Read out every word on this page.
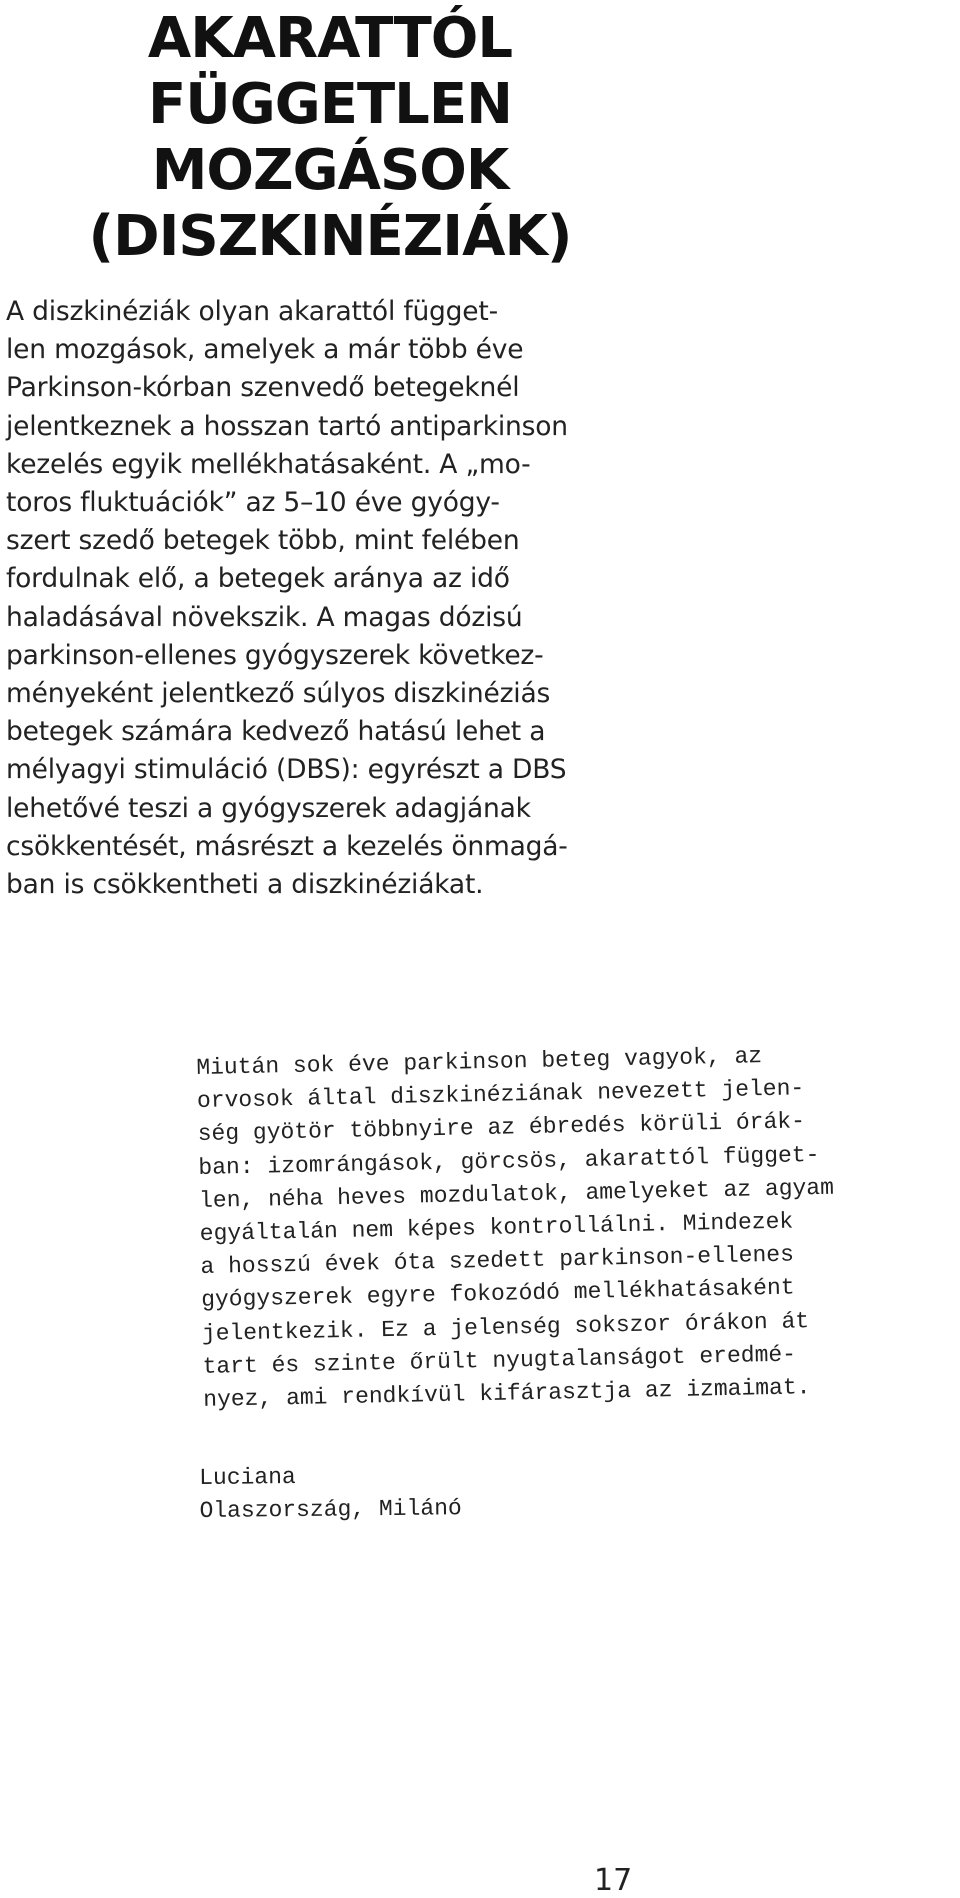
AKARATTÓL
FÜGGETLEN
MOZGÁSOK
(DISZKINÉZIÁK)
A diszkinéziák olyan akarattól függet-
len mozgások, amelyek a már több éve
Parkinson-kórban szenvedő betegeknél
jelentkeznek a hosszan tartó antiparkinson
kezelés egyik mellékhatásaként. A „mo-
toros fluktuációk” az 5–10 éve gyógy-
szert szedő betegek több, mint felében
fordulnak elő, a betegek aránya az idő
haladásával növekszik. A magas dózisú
parkinson-ellenes gyógyszerek következ-
ményeként jelentkező súlyos diszkinéziás
betegek számára kedvező hatású lehet a
mélyagyi stimuláció (DBS): egyrészt a DBS
lehetővé teszi a gyógyszerek adagjának
csökkentését, másrészt a kezelés önmagá-
ban is csökkentheti a diszkinéziákat.
Miután sok éve parkinson beteg vagyok, az
orvosok által diszkinéziának nevezett jelen-
ség gyötör többnyire az ébredés körüli órák-
ban: izomrángások, görcsös, akarattól függet-
len, néha heves mozdulatok, amelyeket az agyam
egyáltalán nem képes kontrollálni. Mindezek
a hosszú évek óta szedett parkinson-ellenes
gyógyszerek egyre fokozódó mellékhatásaként
jelentkezik. Ez a jelenség sokszor órákon át
tart és szinte őrült nyugtalanságot eredmé-
nyez, ami rendkívül kifárasztja az izmaimat.
Luciana
Olaszország, Milánó
17
